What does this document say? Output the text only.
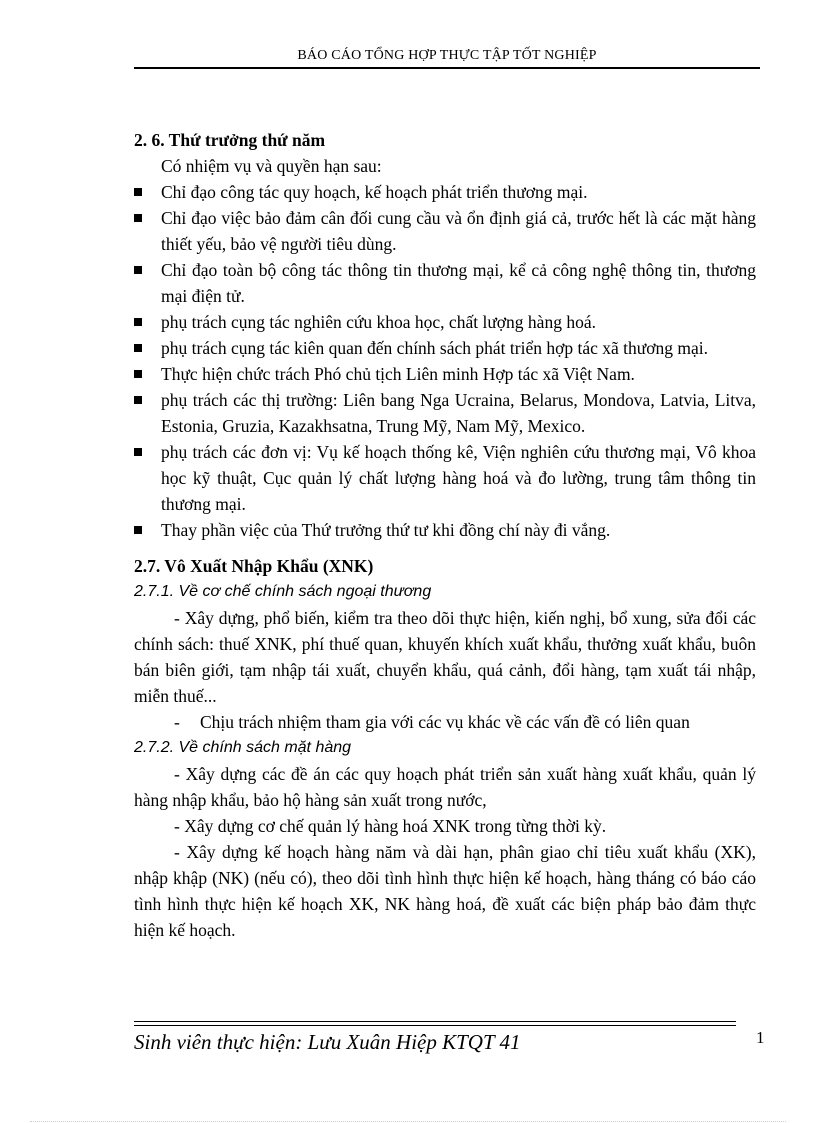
BÁO CÁO TỔNG HỢP THỰC TẬP TỐT NGHIỆP
2. 6. Thứ trưởng thứ năm
Có nhiệm vụ và quyền hạn sau:
Chỉ đạo công tác quy hoạch, kế hoạch phát triển thương mại.
Chỉ đạo việc bảo đảm cân đối cung cầu và ổn định giá cả, trước hết là các mặt hàng thiết yếu, bảo vệ người tiêu dùng.
Chỉ đạo toàn bộ công tác thông tin thương mại, kể cả công nghệ thông tin, thương mại điện tử.
phụ trách cụng tác nghiên cứu khoa học, chất lượng hàng hoá.
phụ trách cụng tác kiên quan đến chính sách phát triển hợp tác xã thương mại.
Thực hiện chức trách Phó chủ tịch Liên minh Hợp tác xã Việt Nam.
phụ trách các thị trường: Liên bang Nga Ucraina, Belarus, Mondova, Latvia, Litva, Estonia, Gruzia, Kazakhsatna, Trung Mỹ, Nam Mỹ, Mexico.
phụ trách các đơn vị: Vụ kế hoạch thống kê, Viện nghiên cứu thương mại, Vô khoa học kỹ thuật, Cục quản lý chất lượng hàng hoá và đo lường, trung tâm thông tin thương mại.
Thay phần việc của Thứ trưởng thứ tư khi đồng chí này đi vắng.
2.7. Vô Xuất Nhập Khẩu (XNK)
2.7.1. Về cơ chế chính sách ngoại thương

- Xây dựng, phổ biến, kiểm tra theo dõi thực hiện, kiến nghị, bổ xung, sửa đổi các chính sách: thuế XNK, phí thuế quan, khuyến khích xuất khẩu, thưởng xuất khẩu, buôn bán biên giới, tạm nhập tái xuất, chuyển khẩu, quá cảnh, đổi hàng, tạm xuất tái nhập, miễn thuế...

- Chịu trách nhiệm tham gia với các vụ khác về các vấn đề có liên quan
2.7.2. Về chính sách mặt hàng

- Xây dựng các đề án các quy hoạch phát triển sản xuất hàng xuất khẩu, quản lý hàng nhập khẩu, bảo hộ hàng sản xuất trong nước,

- Xây dựng cơ chế quản lý hàng hoá XNK trong từng thời kỳ.

- Xây dựng kế hoạch hàng năm và dài hạn, phân giao chỉ tiêu xuất khẩu (XK), nhập khập (NK) (nếu có), theo dõi tình hình thực hiện kế hoạch, hàng tháng có báo cáo tình hình thực hiện kế hoạch XK, NK hàng hoá, đề xuất các biện pháp bảo đảm thực hiện kế hoạch.

Sinh viên thực hiện: Lưu Xuân Hiệp KTQT 41	1
